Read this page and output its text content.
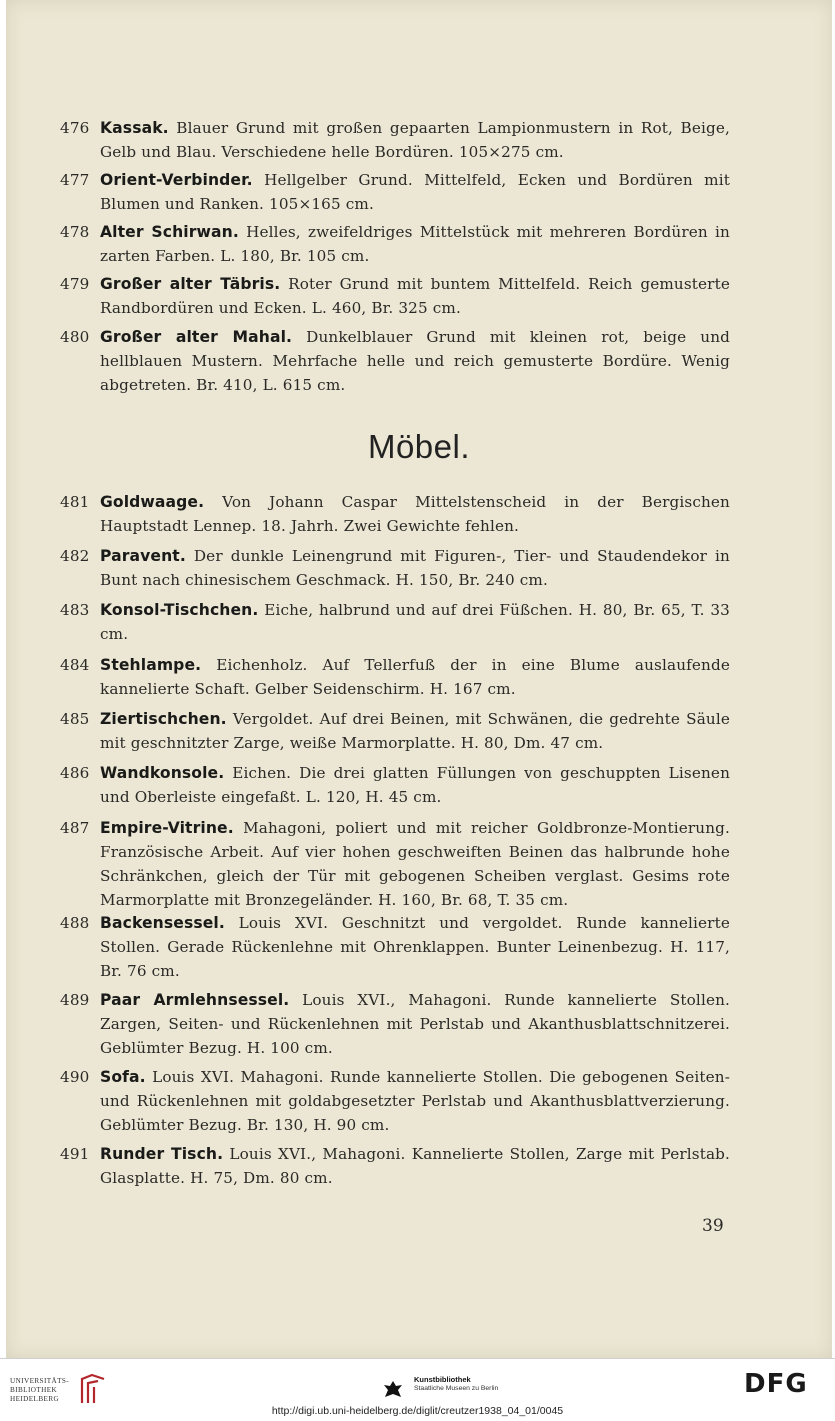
476 Kassak. Blauer Grund mit großen gepaarten Lampionmustern in Rot, Beige, Gelb und Blau. Verschiedene helle Bordüren. 105×275 cm.
477 Orient-Verbinder. Hellgelber Grund. Mittelfeld, Ecken und Bordüren mit Blumen und Ranken. 105×165 cm.
478 Alter Schirwan. Helles, zweifeldriges Mittelstück mit mehreren Bordüren in zarten Farben. L. 180, Br. 105 cm.
479 Großer alter Täbris. Roter Grund mit buntem Mittelfeld. Reich gemusterte Randbordüren und Ecken. L. 460, Br. 325 cm.
480 Großer alter Mahal. Dunkelblauer Grund mit kleinen rot, beige und hellblauen Mustern. Mehrfache helle und reich gemusterte Bordüre. Wenig abgetreten. Br. 410, L. 615 cm.
Möbel.
481 Goldwaage. Von Johann Caspar Mittelstenscheid in der Bergischen Hauptstadt Lennep. 18. Jahrh. Zwei Gewichte fehlen.
482 Paravent. Der dunkle Leinengrund mit Figuren-, Tier- und Staudendekor in Bunt nach chinesischem Geschmack. H. 150, Br. 240 cm.
483 Konsol-Tischchen. Eiche, halbrund und auf drei Füßchen. H. 80, Br. 65, T. 33 cm.
484 Stehlampe. Eichenholz. Auf Tellerfuß der in eine Blume auslaufende kannelierte Schaft. Gelber Seidenschirm. H. 167 cm.
485 Ziertischchen. Vergoldet. Auf drei Beinen, mit Schwänen, die gedrehte Säule mit geschnitzter Zarge, weiße Marmorplatte. H. 80, Dm. 47 cm.
486 Wandkonsole. Eichen. Die drei glatten Füllungen von geschuppten Lisenen und Oberleiste eingefaßt. L. 120, H. 45 cm.
487 Empire-Vitrine. Mahagoni, poliert und mit reicher Goldbronze-Montierung. Französische Arbeit. Auf vier hohen geschweiften Beinen das halbrunde hohe Schränkchen, gleich der Tür mit gebogenen Scheiben verglast. Gesims rote Marmorplatte mit Bronzegeländer. H. 160, Br. 68, T. 35 cm.
488 Backensessel. Louis XVI. Geschnitzt und vergoldet. Runde kannelierte Stollen. Gerade Rückenlehne mit Ohrenklappen. Bunter Leinenbezug. H. 117, Br. 76 cm.
489 Paar Armlehnsessel. Louis XVI., Mahagoni. Runde kannelierte Stollen. Zargen, Seiten- und Rückenlehnen mit Perlstab und Akanthusblattschnitzerei. Geblümter Bezug. H. 100 cm.
490 Sofa. Louis XVI. Mahagoni. Runde kannelierte Stollen. Die gebogenen Seiten- und Rückenlehnen mit goldabgesetzter Perlstab und Akanthusblattverzierung. Geblümter Bezug. Br. 130, H. 90 cm.
491 Runder Tisch. Louis XVI., Mahagoni. Kannelierte Stollen, Zarge mit Perlstab. Glasplatte. H. 75, Dm. 80 cm.
39
UNIVERSITÄTS-
BIBLIOTHEK
HEIDELBERG
Kunstbibliothek
Staatliche Museen zu Berlin	DFG
http://digi.ub.uni-heidelberg.de/diglit/creutzer1938_04_01/0045
